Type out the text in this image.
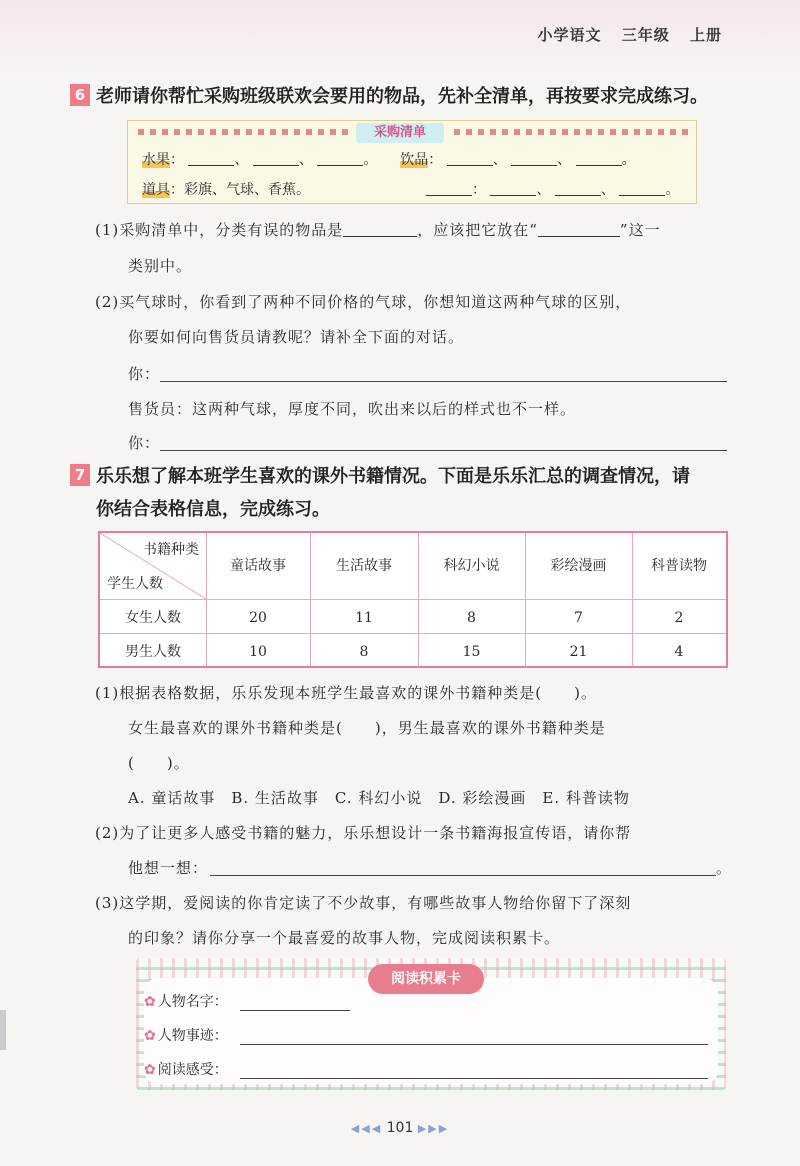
小学语文 三年级 上册
6 老师请你帮忙采购班级联欢会要用的物品，先补全清单，再按要求完成练习。
采购清单
水果：	、	、	。 饮品：	、	、	。
道具：彩旗、气球、香蕉。	：	、	、	。
(1)采购清单中，分类有误的物品是	，应该把它放在“	”这一
类别中。
(2)买气球时，你看到了两种不同价格的气球，你想知道这两种气球的区别，
你要如何向售货员请教呢？请补全下面的对话。
你：
售货员：这两种气球，厚度不同，吹出来以后的样式也不一样。
你：
7 乐乐想了解本班学生喜欢的课外书籍情况。下面是乐乐汇总的调查情况，请
你结合表格信息，完成练习。
书籍种类
学生人数
童话故事	生活故事	科幻小说	彩绘漫画	科普读物
女生人数	20	11	8	7	2
男生人数	10	8	15	21	4
(1)根据表格数据，乐乐发现本班学生最喜欢的课外书籍种类是(　　)。
女生最喜欢的课外书籍种类是(　　)，男生最喜欢的课外书籍种类是
(　　)。
A. 童话故事　B. 生活故事　C. 科幻小说　D. 彩绘漫画　E. 科普读物
(2)为了让更多人感受书籍的魅力，乐乐想设计一条书籍海报宣传语，请你帮
他想一想：	。
(3)这学期，爱阅读的你肯定读了不少故事，有哪些故事人物给你留下了深刻
的印象？请你分享一个最喜爱的故事人物，完成阅读积累卡。
阅读积累卡
✿ 人物名字：
✿ 人物事迹：
✿ 阅读感受：
◀◀◀ 101 ▶▶▶
